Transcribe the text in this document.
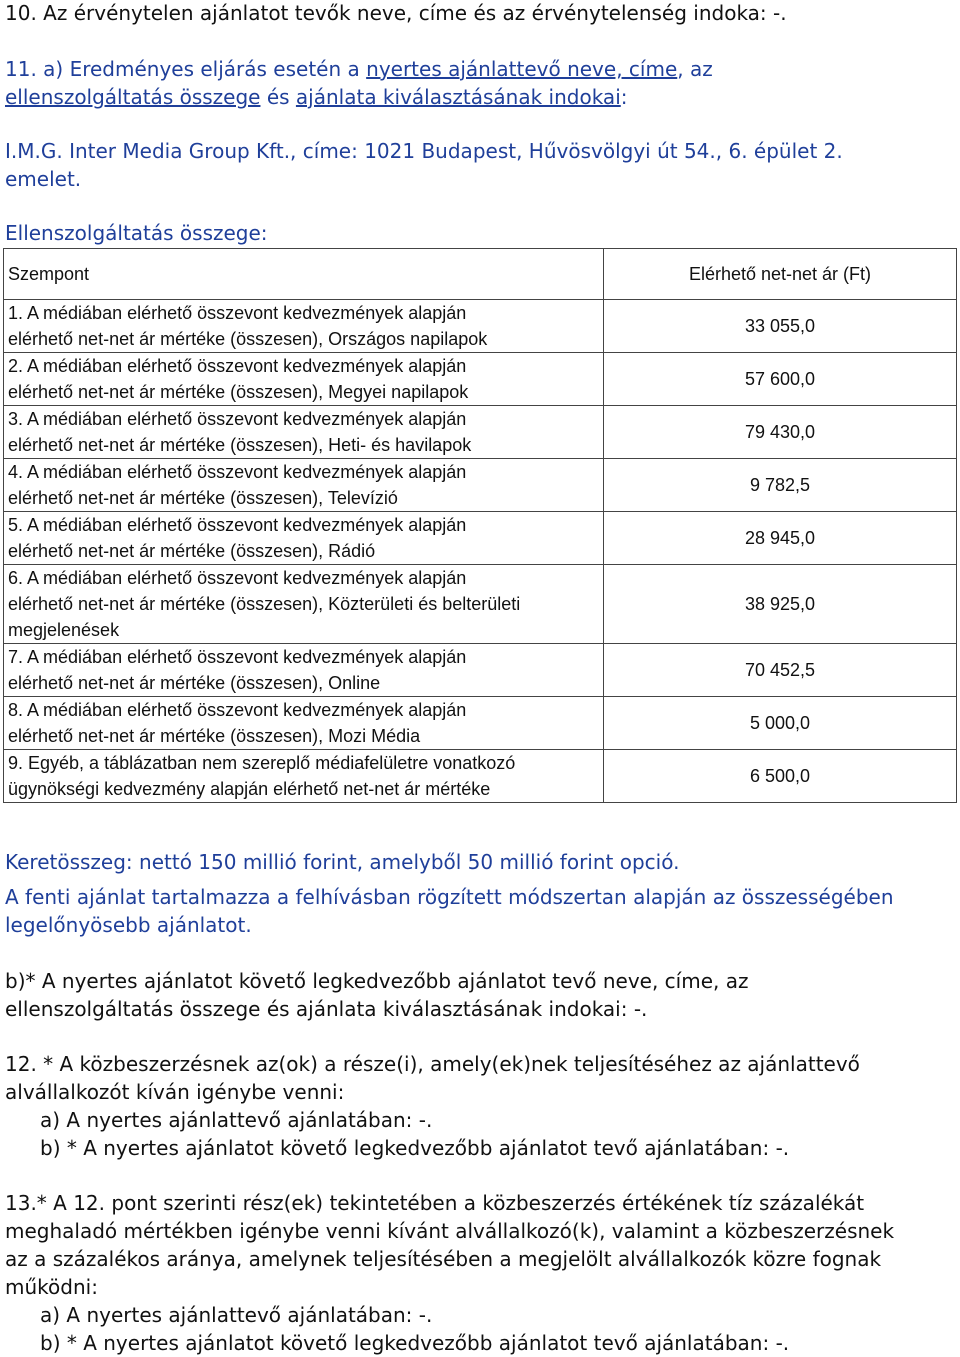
10. Az érvénytelen ajánlatot tevők neve, címe és az érvénytelenség indoka: -.

11. a) Eredményes eljárás esetén a nyertes ajánlattevő neve, címe, az

ellenszolgáltatás összege és ajánlata kiválasztásának indokai:

I.M.G. Inter Media Group Kft., címe: 1021 Budapest, Hűvösvölgyi út 54., 6. épület 2.

emelet.

Ellenszolgáltatás összege:

Szempont	Elérhető net-net ár (Ft)

1. A médiában elérhető összevont kedvezmények alapján
elérhető net-net ár mértéke (összesen), Országos napilapok	33 055,0

2. A médiában elérhető összevont kedvezmények alapján
elérhető net-net ár mértéke (összesen), Megyei napilapok	57 600,0

3. A médiában elérhető összevont kedvezmények alapján
elérhető net-net ár mértéke (összesen), Heti- és havilapok	79 430,0

4. A médiában elérhető összevont kedvezmények alapján
elérhető net-net ár mértéke (összesen), Televízió	9 782,5

5. A médiában elérhető összevont kedvezmények alapján
elérhető net-net ár mértéke (összesen), Rádió	28 945,0

6. A médiában elérhető összevont kedvezmények alapján
elérhető net-net ár mértéke (összesen), Közterületi és belterületi
megjelenések	38 925,0

7. A médiában elérhető összevont kedvezmények alapján
elérhető net-net ár mértéke (összesen), Online	70 452,5

8. A médiában elérhető összevont kedvezmények alapján
elérhető net-net ár mértéke (összesen), Mozi Média	5 000,0

9. Egyéb, a táblázatban nem szereplő médiafelületre vonatkozó
ügynökségi kedvezmény alapján elérhető net-net ár mértéke	6 500,0

Keretösszeg: nettó 150 millió forint, amelyből 50 millió forint opció.

A fenti ajánlat tartalmazza a felhívásban rögzített módszertan alapján az összességében

legelőnyösebb ajánlatot.

b)* A nyertes ajánlatot követő legkedvezőbb ajánlatot tevő neve, címe, az

ellenszolgáltatás összege és ajánlata kiválasztásának indokai: -.

12. * A közbeszerzésnek az(ok) a része(i), amely(ek)nek teljesítéséhez az ajánlattevő

alvállalkozót kíván igénybe venni:

a) A nyertes ajánlattevő ajánlatában: -.

b) * A nyertes ajánlatot követő legkedvezőbb ajánlatot tevő ajánlatában: -.

13.* A 12. pont szerinti rész(ek) tekintetében a közbeszerzés értékének tíz százalékát

meghaladó mértékben igénybe venni kívánt alvállalkozó(k), valamint a közbeszerzésnek

az a százalékos aránya, amelynek teljesítésében a megjelölt alvállalkozók közre fognak

működni:

a) A nyertes ajánlattevő ajánlatában: -.

b) * A nyertes ajánlatot követő legkedvezőbb ajánlatot tevő ajánlatában: -.
